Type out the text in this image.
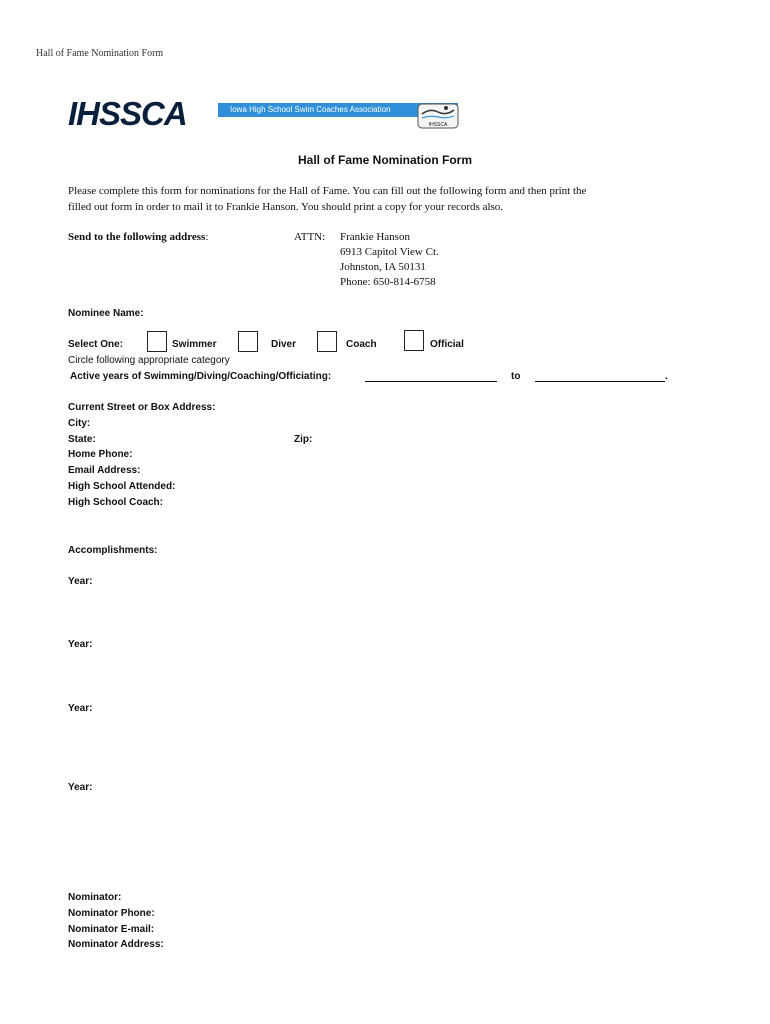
Hall of Fame Nomination Form
IHSSCA	Iowa High School Swim Coaches Association
IHSSCA
Hall of Fame Nomination Form
Please complete this form for nominations for the Hall of Fame. You can fill out the following form and then print the
filled out form in order to mail it to Frankie Hanson. You should print a copy for your records also.
Send to the following address:	ATTN: Frankie Hanson
6913 Capitol View Ct.
Johnston, IA 50131
Phone: 650-814-6758
Nominee Name:
Select One:	Swimmer	Diver	Coach	Official
Circle following appropriate category
Active years of Swimming/Diving/Coaching/Officiating:	to	.
Current Street or Box Address:
City:
State:	Zip:
Home Phone:
Email Address:
High School Attended:
High School Coach:
Accomplishments:
Year:
Year:
Year:
Year:
Nominator:
Nominator Phone:
Nominator E-mail:
Nominator Address:
